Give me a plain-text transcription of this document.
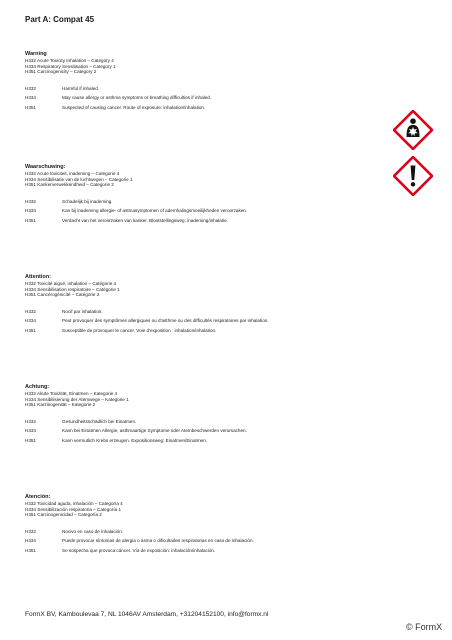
Part A: Compat 45
Warning
H332 Acute Toxicity Inhalation – Category 4
H334 Respiratory Sensitisation – Category 1
H351 Carcinogenicity – Category 2
H332	Harmful if inhaled.
H334	May cause allergy or asthma symptoms or breathing difficulties if inhaled.
H351	Suspected of causing cancer. Route of exposure: inhalation/inhalation.
Waarschuwing:
H332 Acute toxiciteit, inademing – Categorie 4
H334 Sensibilisatie van de luchtwegen – Categorie 1
H351 Kankerverwekkendheid – Categorie 2
H332	Schadelijk bij inademing.
H334	Kan bij inademing allergie- of astmasymptomen of ademhalingsmoeilijkheden veroorzaken.
H351	Verdacht van het veroorzaken van kanker. Blootstellingsweg: inademing/inhalatie.
Attention:
H332 Toxicité aiguë, inhalation – Catégorie 4
H334 Sensibilisation respiratoire – Catégorie 1
H351 Cancérogénicité – Catégorie 2
H332	Nocif par inhalation.
H334	Peut provoquer des symptômes allergiques ou d'asthme ou des difficultés respiratoires par inhalation.
H351	Susceptible de provoquer le cancer. Voie d'exposition : inhalation/inhalation.
Achtung:
H332 Akute Toxizität, Einatmen – Kategorie 4
H334 Sensibilisierung der Atemwege – Kategorie 1
H351 Karzinogenität – Kategorie 2
H332	Gesundheitsschädlich bei Einatmen.
H334	Kann bei Einatmen Allergie, asthmaartige Symptome oder Atembeschwerden verursachen.
H351	Kann vermutlich Krebs erzeugen. Expositionsweg: Einatmen/Einatmen.
Atención:
H332 Toxicidad aguda, inhalación – Categoría 4
H334 Sensibilización respiratoria – Categoría 1
H351 Carcinogenicidad – Categoría 2
H332	Nocivo en caso de inhalación.
H334	Puede provocar síntomas de alergia o asma o dificultades respiratorias en caso de inhalación.
H351	Se sospecha que provoca cáncer. Vía de exposición: inhalación/inhalación.
FormX BV, Kamboulevaa 7, NL 1046AV Amsterdam, +31204152100, info@formx.nl
© FormX
